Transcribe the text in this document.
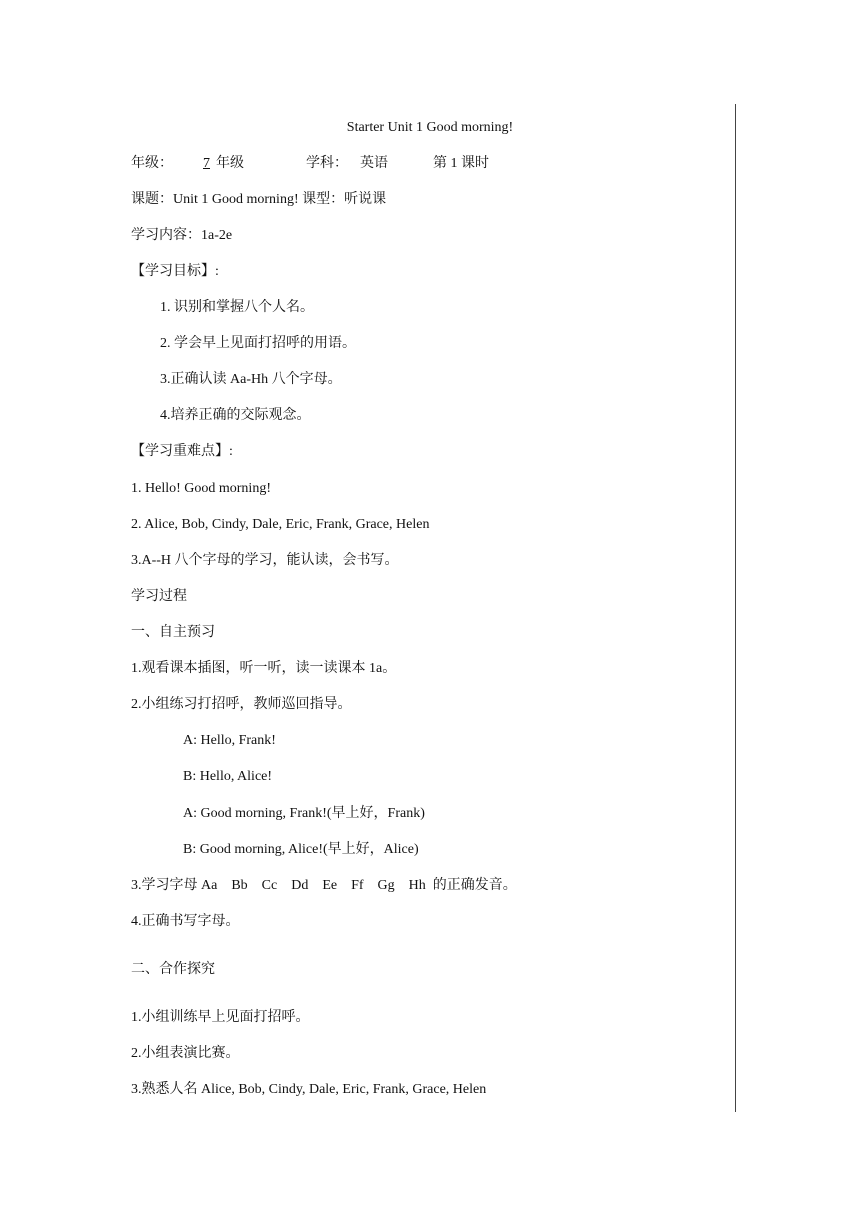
Starter Unit 1 Good morning!
年级：7年级	学科： 英语	第 1 课时
课题：Unit 1 Good morning! 课型：听说课
学习内容：1a-2e
【学习目标】:
1. 识别和掌握八个人名。
2. 学会早上见面打招呼的用语。
3.正确认读 Aa-Hh 八个字母。
4.培养正确的交际观念。
【学习重难点】:
1. Hello! Good morning!
2. Alice, Bob, Cindy, Dale, Eric, Frank, Grace, Helen
3.A--H 八个字母的学习，能认读，会书写。
学习过程
一、自主预习
1.观看课本插图，听一听，读一读课本 1a。
2.小组练习打招呼，教师巡回指导。
A: Hello, Frank!
B: Hello, Alice!
A: Good morning, Frank!(早上好，Frank)
B: Good morning, Alice!(早上好，Alice)
3.学习字母 Aa    Bb    Cc    Dd    Ee    Ff    Gg    Hh  的正确发音。
4.正确书写字母。
二、合作探究
1.小组训练早上见面打招呼。
2.小组表演比赛。
3.熟悉人名 Alice, Bob, Cindy, Dale, Eric, Frank, Grace, Helen
